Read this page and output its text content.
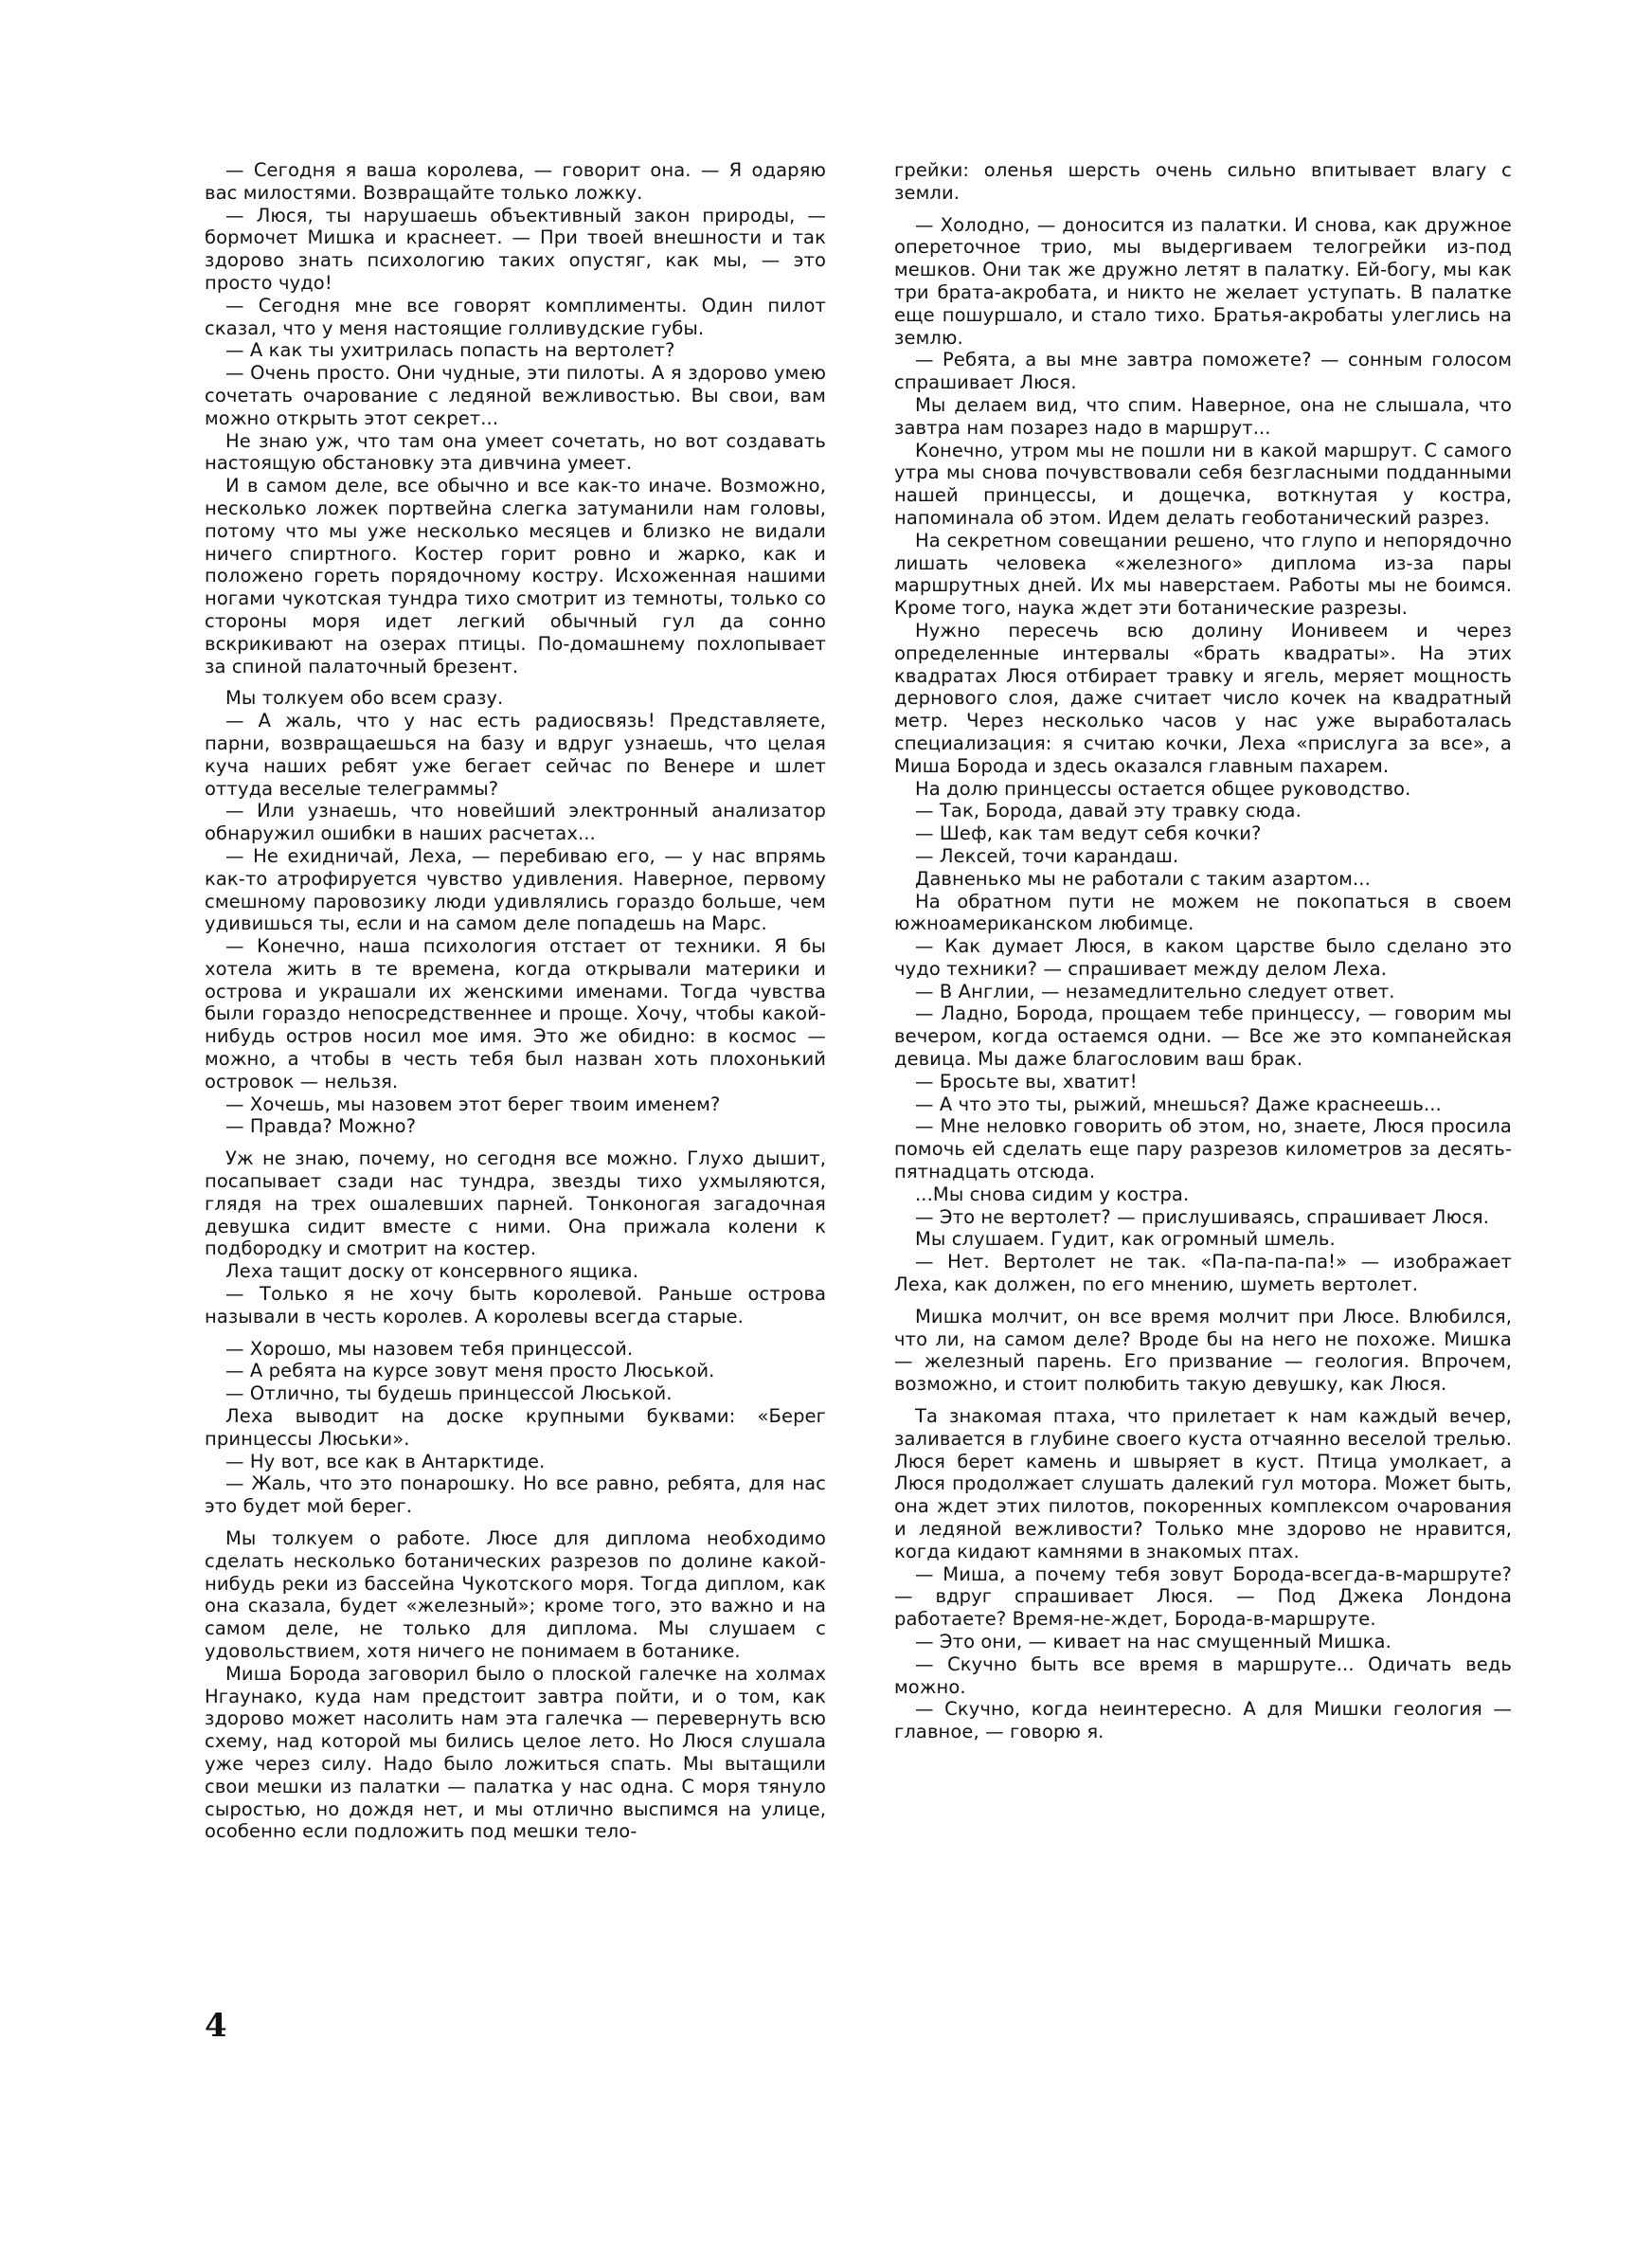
— Сегодня я ваша королева, — говорит она. — Я одаряю вас милостями. Возвращайте только ложку.

— Люся, ты нарушаешь объективный закон природы, — бормочет Мишка и краснеет. — При твоей внешности и так здорово знать психологию таких опустяг, как мы, — это просто чудо!

— Сегодня мне все говорят комплименты. Один пилот сказал, что у меня настоящие голливудские губы.

— А как ты ухитрилась попасть на вертолет?

— Очень просто. Они чудные, эти пилоты. А я здорово умею сочетать очарование с ледяной вежливостью. Вы свои, вам можно открыть этот секрет...

Не знаю уж, что там она умеет сочетать, но вот создавать настоящую обстановку эта дивчина умеет.

И в самом деле, все обычно и все как-то иначе. Возможно, несколько ложек портвейна слегка затуманили нам головы, потому что мы уже несколько месяцев и близко не видали ничего спиртного. Костер горит ровно и жарко, как и положено гореть порядочному костру. Исхоженная нашими ногами чукотская тундра тихо смотрит из темноты, только со стороны моря идет легкий обычный гул да сонно вскрикивают на озерах птицы. По-домашнему похлопывает за спиной палаточный брезент.

Мы толкуем обо всем сразу.

— А жаль, что у нас есть радиосвязь! Представляете, парни, возвращаешься на базу и вдруг узнаешь, что целая куча наших ребят уже бегает сейчас по Венере и шлет оттуда веселые телеграммы?

— Или узнаешь, что новейший электронный анализатор обнаружил ошибки в наших расчетах...

— Не ехидничай, Леха, — перебиваю его, — у нас впрямь как-то атрофируется чувство удивления. Наверное, первому смешному паровозику люди удивлялись гораздо больше, чем удивишься ты, если и на самом деле попадешь на Марс.

— Конечно, наша психология отстает от техники. Я бы хотела жить в те времена, когда открывали материки и острова и украшали их женскими именами. Тогда чувства были гораздо непосредственнее и проще. Хочу, чтобы какой-нибудь остров носил мое имя. Это же обидно: в космос — можно, а чтобы в честь тебя был назван хоть плохонький островок — нельзя.

— Хочешь, мы назовем этот берег твоим именем?

— Правда? Можно?

Уж не знаю, почему, но сегодня все можно. Глухо дышит, посапывает сзади нас тундра, звезды тихо ухмыляются, глядя на трех ошалевших парней. Тонконогая загадочная девушка сидит вместе с ними. Она прижала колени к подбородку и смотрит на костер.

Леха тащит доску от консервного ящика.

— Только я не хочу быть королевой. Раньше острова называли в честь королев. А королевы всегда старые.

— Хорошо, мы назовем тебя принцессой.

— А ребята на курсе зовут меня просто Люськой.

— Отлично, ты будешь принцессой Люськой.

Леха выводит на доске крупными буквами: «Берег принцессы Люськи».

— Ну вот, все как в Антарктиде.

— Жаль, что это понарошку. Но все равно, ребята, для нас это будет мой берег.

Мы толкуем о работе. Люсе для диплома необходимо сделать несколько ботанических разрезов по долине какой-нибудь реки из бассейна Чукотского моря. Тогда диплом, как она сказала, будет «железный»; кроме того, это важно и на самом деле, не только для диплома. Мы слушаем с удовольствием, хотя ничего не понимаем в ботанике.

Миша Борода заговорил было о плоской галечке на холмах Нгаунако, куда нам предстоит завтра пойти, и о том, как здорово может насолить нам эта галечка — перевернуть всю схему, над которой мы бились целое лето. Но Люся слушала уже через силу. Надо было ложиться спать. Мы вытащили свои мешки из палатки — палатка у нас одна. С моря тянуло сыростью, но дождя нет, и мы отлично выспимся на улице, особенно если подложить под мешки тело-

грейки: оленья шерсть очень сильно впитывает влагу с земли.

— Холодно, — доносится из палатки. И снова, как дружное опереточное трио, мы выдергиваем телогрейки из-под мешков. Они так же дружно летят в палатку. Ей-богу, мы как три брата-акробата, и никто не желает уступать. В палатке еще пошуршало, и стало тихо. Братья-акробаты улеглись на землю.

— Ребята, а вы мне завтра поможете? — сонным голосом спрашивает Люся.

Мы делаем вид, что спим. Наверное, она не слышала, что завтра нам позарез надо в маршрут...

Конечно, утром мы не пошли ни в какой маршрут. С самого утра мы снова почувствовали себя безгласными подданными нашей принцессы, и дощечка, воткнутая у костра, напоминала об этом. Идем делать геоботанический разрез.

На секретном совещании решено, что глупо и непорядочно лишать человека «железного» диплома из-за пары маршрутных дней. Их мы наверстаем. Работы мы не боимся. Кроме того, наука ждет эти ботанические разрезы.

Нужно пересечь всю долину Ионивеем и через определенные интервалы «брать квадраты». На этих квадратах Люся отбирает травку и ягель, меряет мощность дернового слоя, даже считает число кочек на квадратный метр. Через несколько часов у нас уже выработалась специализация: я считаю кочки, Леха «прислуга за все», а Миша Борода и здесь оказался главным пахарем.

На долю принцессы остается общее руководство.

— Так, Борода, давай эту травку сюда.

— Шеф, как там ведут себя кочки?

— Лексей, точи карандаш.

Давненько мы не работали с таким азартом...

На обратном пути не можем не покопаться в своем южноамериканском любимце.

— Как думает Люся, в каком царстве было сделано это чудо техники? — спрашивает между делом Леха.

— В Англии, — незамедлительно следует ответ.

— Ладно, Борода, прощаем тебе принцессу, — говорим мы вечером, когда остаемся одни. — Все же это компанейская девица. Мы даже благословим ваш брак.

— Бросьте вы, хватит!

— А что это ты, рыжий, мнешься? Даже краснеешь...

— Мне неловко говорить об этом, но, знаете, Люся просила помочь ей сделать еще пару разрезов километров за десять-пятнадцать отсюда.

...Мы снова сидим у костра.

— Это не вертолет? — прислушиваясь, спрашивает Люся.

Мы слушаем. Гудит, как огромный шмель.

— Нет. Вертолет не так. «Па-па-па-па!» — изображает Леха, как должен, по его мнению, шуметь вертолет.

Мишка молчит, он все время молчит при Люсе. Влюбился, что ли, на самом деле? Вроде бы на него не похоже. Мишка — железный парень. Его призвание — геология. Впрочем, возможно, и стоит полюбить такую девушку, как Люся.

Та знакомая птаха, что прилетает к нам каждый вечер, заливается в глубине своего куста отчаянно веселой трелью. Люся берет камень и швыряет в куст. Птица умолкает, а Люся продолжает слушать далекий гул мотора. Может быть, она ждет этих пилотов, покоренных комплексом очарования и ледяной вежливости? Только мне здорово не нравится, когда кидают камнями в знакомых птах.

— Миша, а почему тебя зовут Борода-всегда-в-маршруте? — вдруг спрашивает Люся. — Под Джека Лондона работаете? Время-не-ждет, Борода-в-маршруте.

— Это они, — кивает на нас смущенный Мишка.

— Скучно быть все время в маршруте... Одичать ведь можно.

— Скучно, когда неинтересно. А для Мишки геология — главное, — говорю я.

4
